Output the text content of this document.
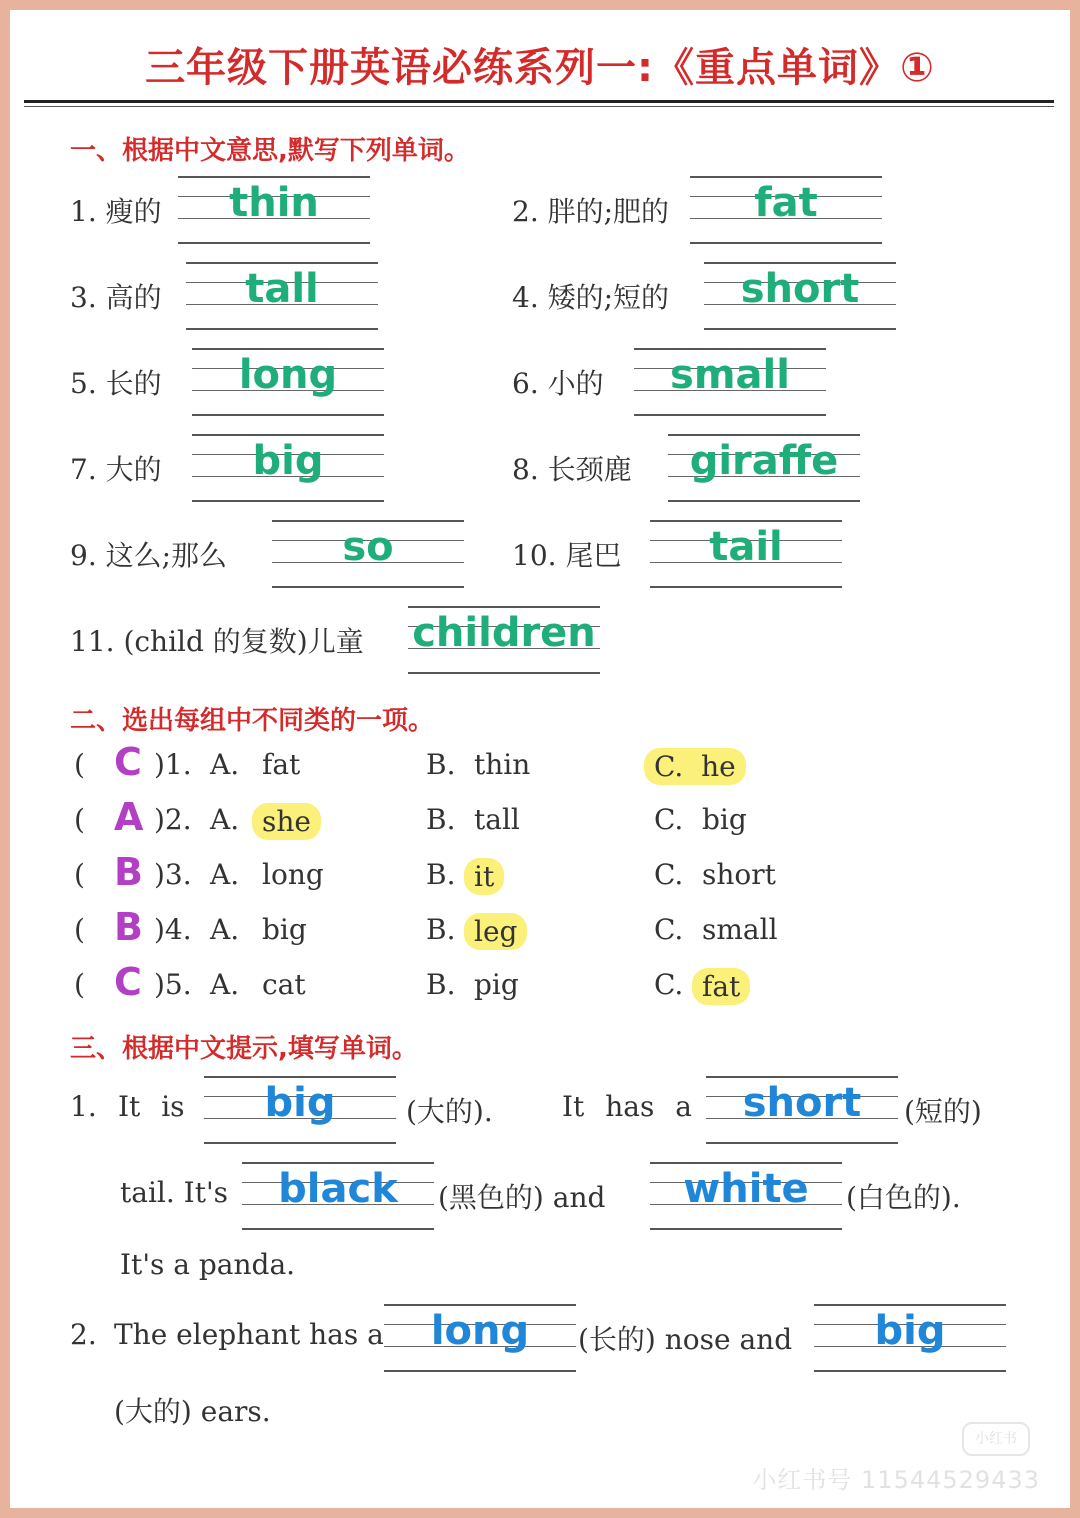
三年级下册英语必练系列一:《重点单词》①
一、根据中文意思,默写下列单词。
1. 瘦的	thin	2. 胖的;肥的	fat
3. 高的	tall	4. 矮的;短的	short
5. 长的	long	6. 小的	small
7. 大的	big	8. 长颈鹿	giraffe
9. 这么;那么	so	10. 尾巴	tail
11. (child 的复数)儿童 children
二、选出每组中不同类的一项。
( C )1. A. fat	B. thin	C. he
( A )2. A. she	B. tall	C. big
( B )3. A. long	B. it	C. short
( B )4. A. big	B. leg	C. small
( C )5. A. cat	B. pig	C. fat
三、根据中文提示,填写单词。
1. It is	big	(大的). It has a	short	(短的)
tail. It's	black	(黑色的) and	white	(白色的).
It's a panda.
2. The elephant has a	long	(长的) nose and	big
(大的) ears.
小红书
小红书号 11544529433
